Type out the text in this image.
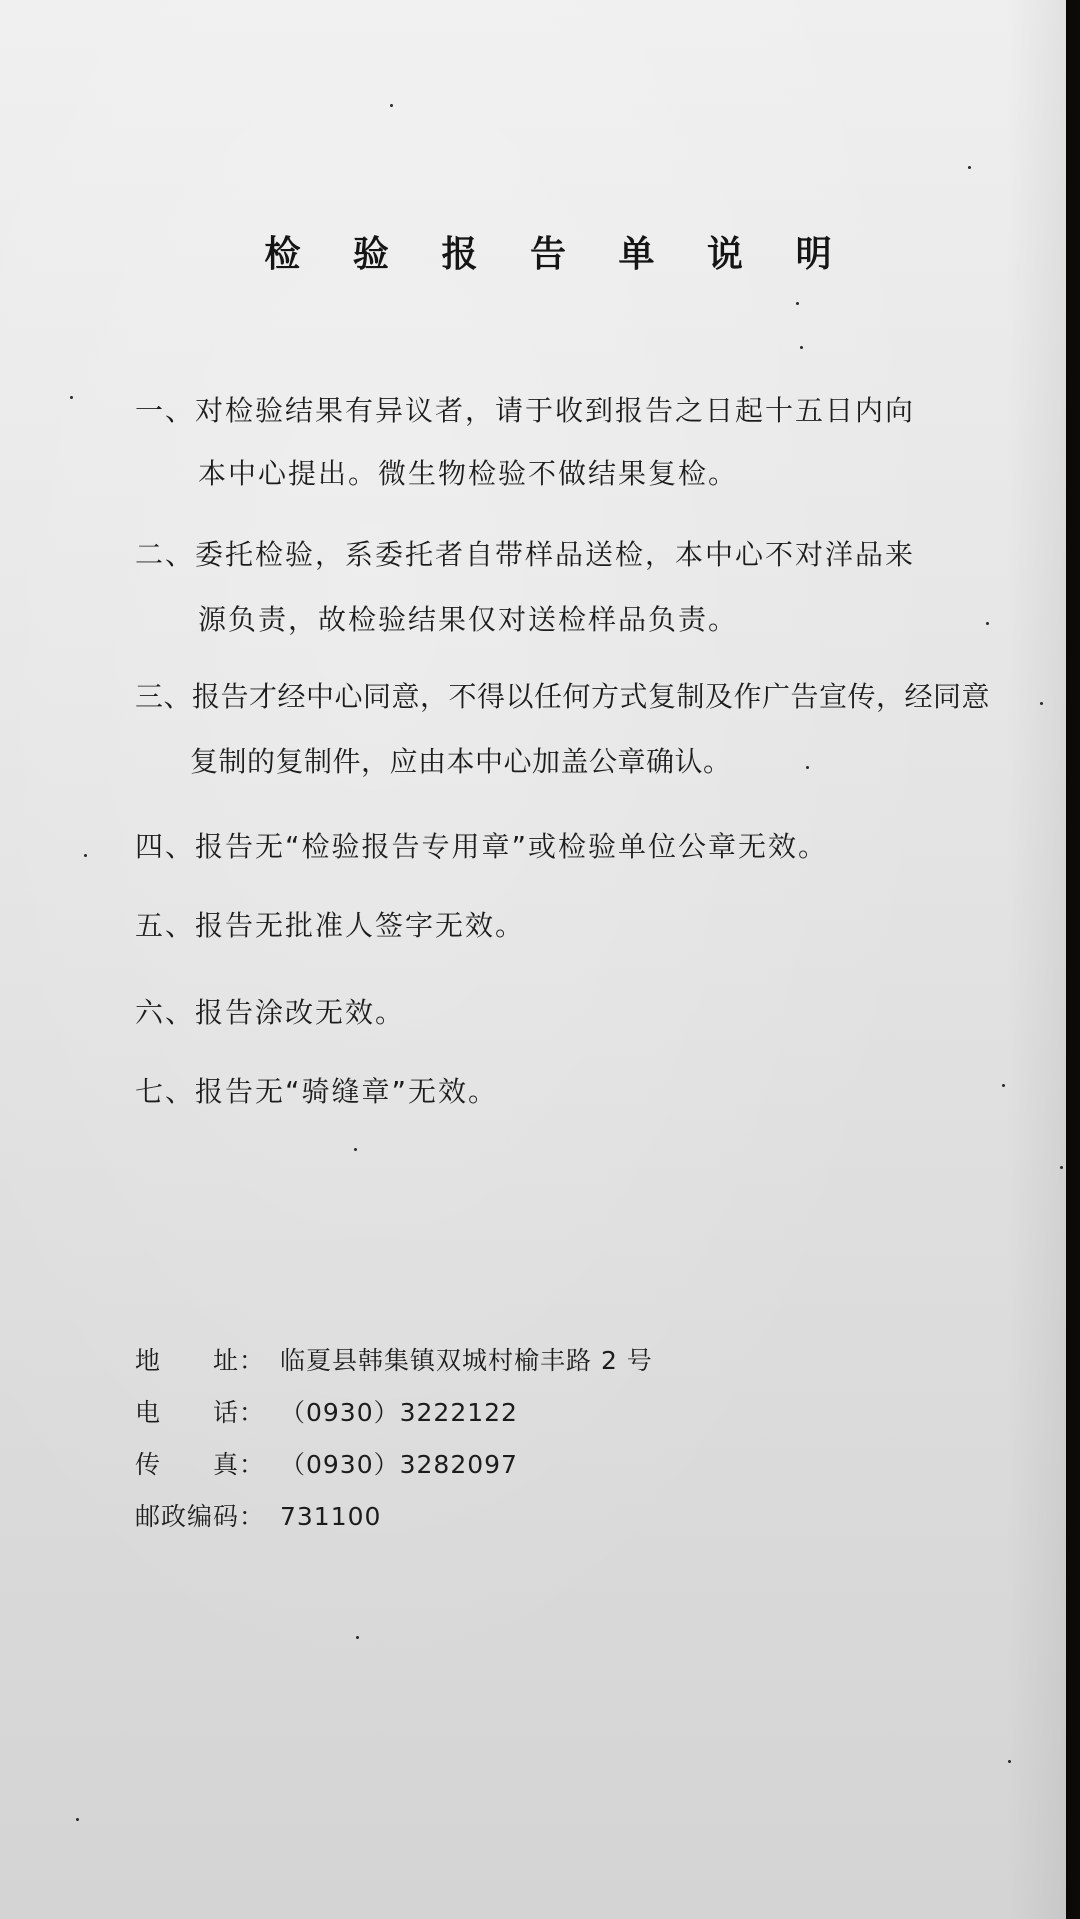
检 验 报 告 单 说 明
一、对检验结果有异议者，请于收到报告之日起十五日内向
本中心提出。微生物检验不做结果复检。
二、委托检验，系委托者自带样品送检，本中心不对洋品来
源负责，故检验结果仅对送检样品负责。
三、报告才经中心同意，不得以任何方式复制及作广告宣传，经同意
复制的复制件，应由本中心加盖公章确认。
四、报告无“检验报告专用章”或检验单位公章无效。
五、报告无批准人签字无效。
六、报告涂改无效。
七、报告无“骑缝章”无效。
地　　址： 临夏县韩集镇双城村榆丰路 2 号
电　　话： （0930）3222122
传　　真： （0930）3282097
邮政编码： 731100
